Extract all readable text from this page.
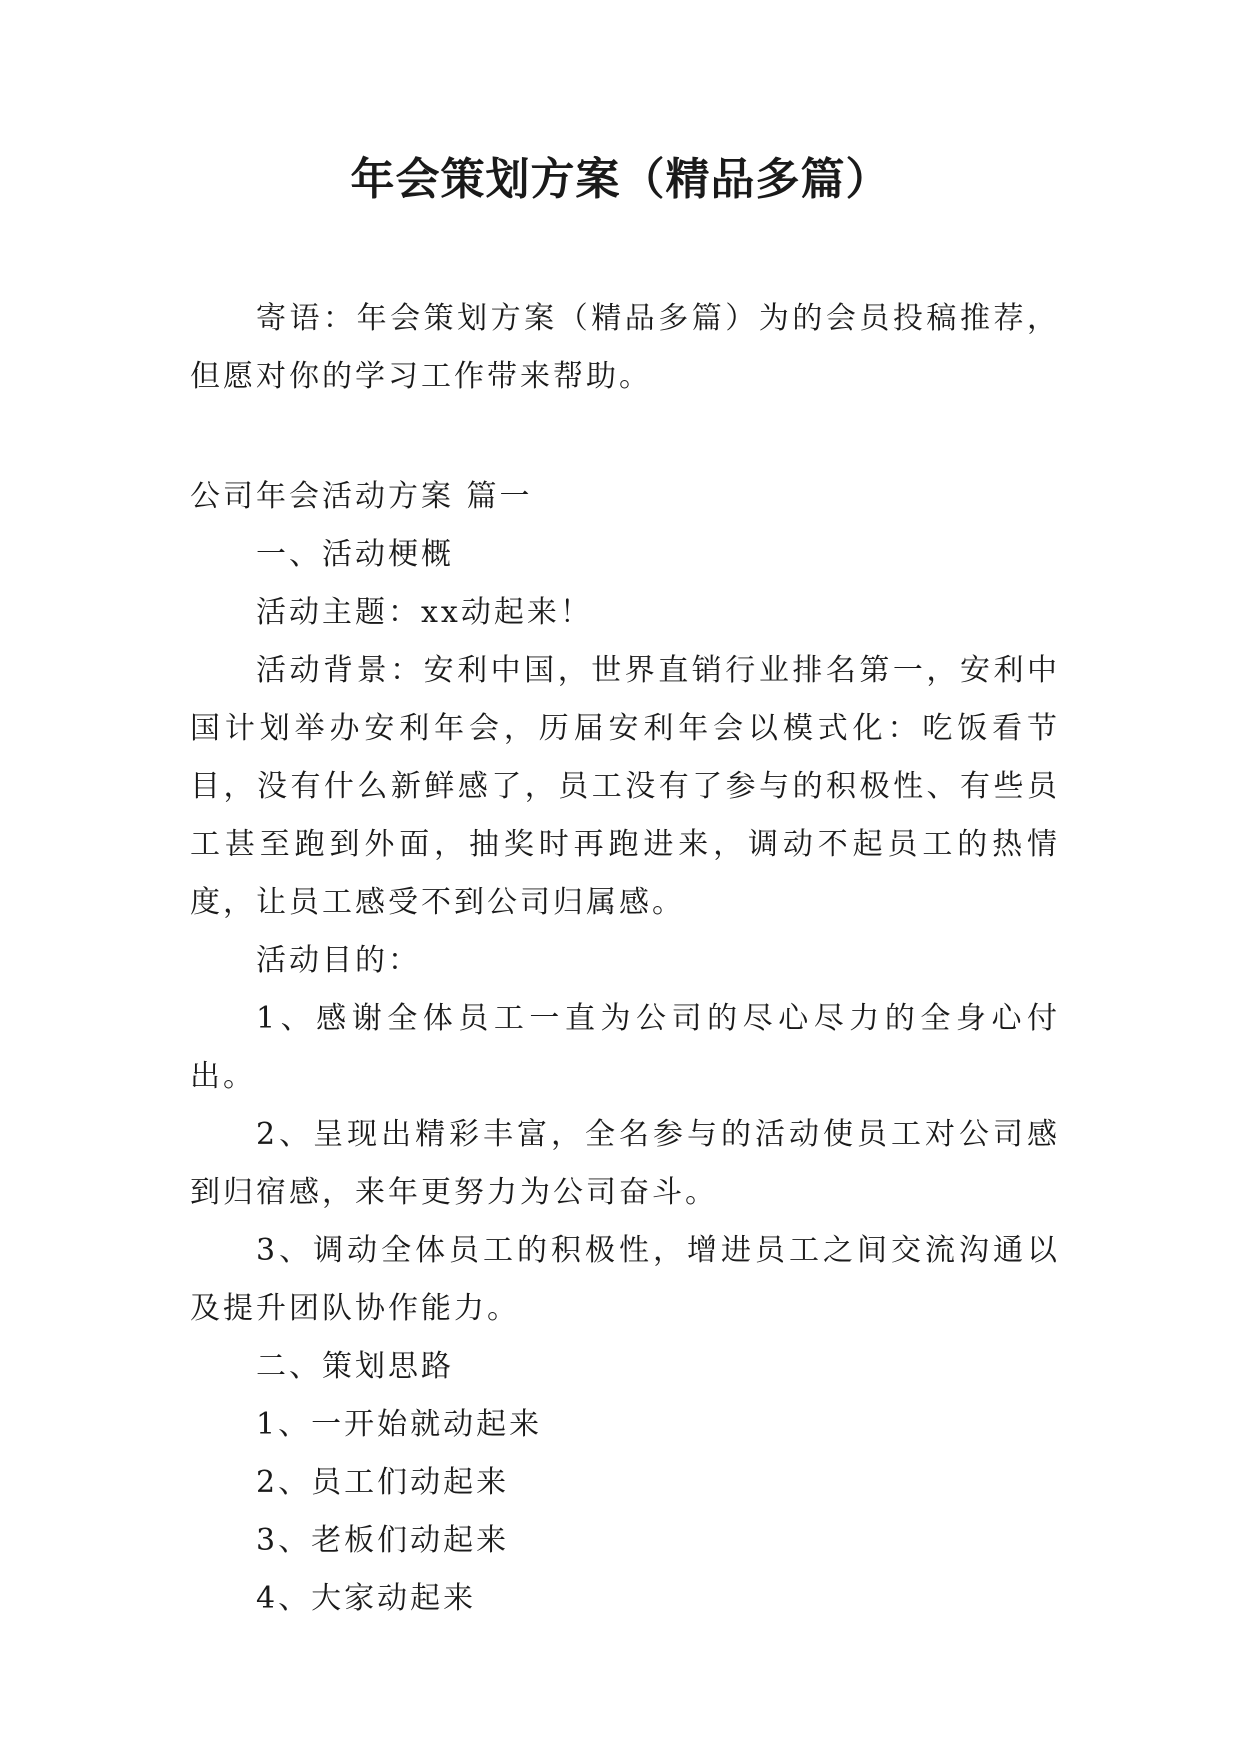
年会策划方案（精品多篇）

寄语：年会策划方案（精品多篇）为的会员投稿推荐，但愿对你的学习工作带来帮助。

公司年会活动方案 篇一

一、活动梗概

活动主题：xx动起来！

活动背景：安利中国，世界直销行业排名第一，安利中国计划举办安利年会，历届安利年会以模式化：吃饭看节目，没有什么新鲜感了，员工没有了参与的积极性、有些员工甚至跑到外面，抽奖时再跑进来，调动不起员工的热情度，让员工感受不到公司归属感。

活动目的：

1、感谢全体员工一直为公司的尽心尽力的全身心付出。

2、呈现出精彩丰富，全名参与的活动使员工对公司感到归宿感，来年更努力为公司奋斗。

3、调动全体员工的积极性，增进员工之间交流沟通以及提升团队协作能力。

二、策划思路

1、一开始就动起来

2、员工们动起来

3、老板们动起来

4、大家动起来
